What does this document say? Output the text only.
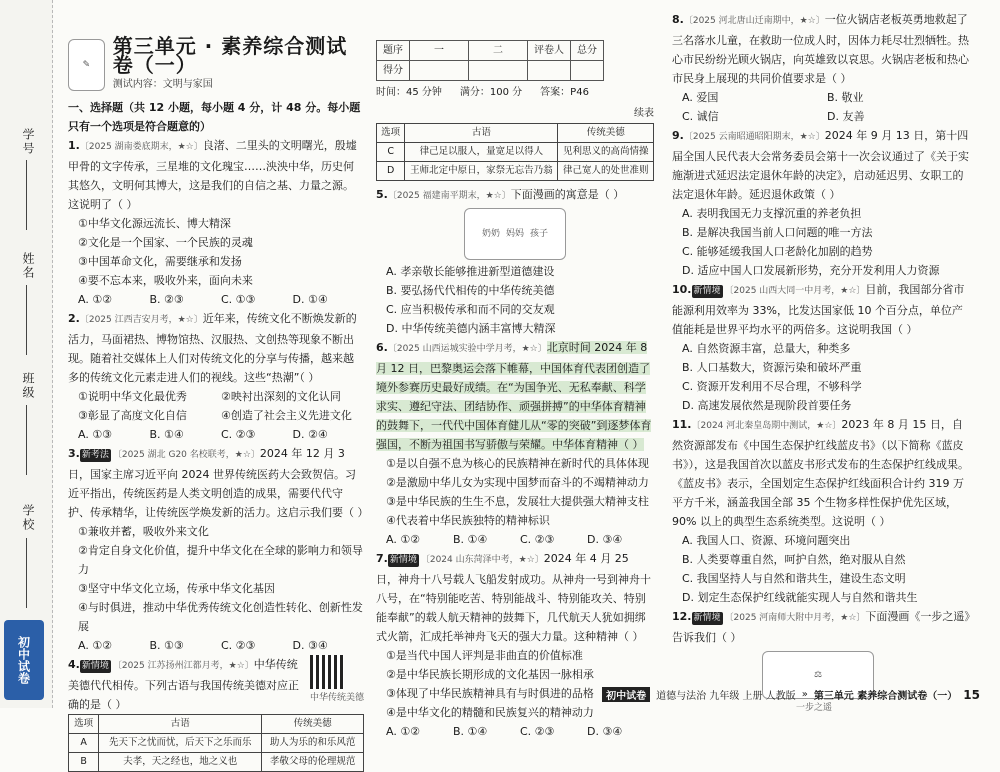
学号
姓名
班级
学校
初中试卷
✎
第三单元 · 素养综合测试卷（一）
测试内容：文明与家国
一、选择题（共 12 小题，每小题 4 分，计 48 分。每小题只有一个选项是符合题意的）
1.〔2025 湖南娄底期末，★☆〕良渚、二里头的文明曙光，殷墟甲骨的文字传承，三星堆的文化瑰宝……泱泱中华，历史何其悠久，文明何其博大，这是我们的自信之基、力量之源。这说明了（ ）
①中华文化源远流长、博大精深
②文化是一个国家、一个民族的灵魂
③中国革命文化，需要继承和发扬
④要不忘本来，吸收外来，面向未来
A. ①②	B. ②③	C. ①③	D. ①④
2.〔2025 江西吉安月考，★☆〕近年来，传统文化不断焕发新的活力，马面裙热、博物馆热、汉服热、文创热等现象不断出现。随着社交媒体上人们对传统文化的分享与传播，越来越多的传统文化元素走进人们的视线。这些“热潮”（ ）
①说明中华文化最优秀	②映衬出深刻的文化认同
③彰显了高度文化自信	④创造了社会主义先进文化
A. ①③	B. ①④	C. ②③	D. ②④
3. 新考法 〔2025 湖北 G20 名校联考，★☆〕2024 年 12 月 3 日，国家主席习近平向 2024 世界传统医药大会致贺信。习近平指出，传统医药是人类文明创造的成果，需要代代守护、传承精华，让传统医学焕发新的活力。这启示我们要（ ）
①兼收并蓄，吸收外来文化
②肯定自身文化价值，提升中华文化在全球的影响力和领导力
③坚守中华文化立场，传承中华文化基因
④与时俱进，推动中华优秀传统文化创造性转化、创新性发展
A. ①②	B. ①③	C. ②③	D. ③④
4. 新情境 〔2025 江苏扬州江都月考，★☆〕中华传统美德代代相传。下列古语与我国传统美德对应正确的是（ ）	中华传统美德
选项	古语	传统美德
A	先天下之忧而忧，后天下之乐而乐	助人为乐的和乐风范
B	夫孝，天之经也，地之义也	孝敬父母的伦理规范
题序	一	二	评卷人	总分
得分				
时间：45 分钟 满分：100 分 答案：P46
续表
选项	古语	传统美德
C	律己足以服人，量宽足以得人	见利思义的高尚情操
D	王师北定中原日，家祭无忘告乃翁	律己宽人的处世准则
5.〔2025 福建南平期末，★☆〕下面漫画的寓意是（ ）
奶奶 妈妈 孩子
A. 孝亲敬长能够推进新型道德建设
B. 要弘扬代代相传的中华传统美德
C. 应当积极传承和而不同的交友观
D. 中华传统美德内涵丰富博大精深
6.〔2025 山西运城实验中学月考，★☆〕北京时间 2024 年 8 月 12 日，巴黎奥运会落下帷幕，中国体育代表团创造了境外参赛历史最好成绩。在“为国争光、无私奉献、科学求实、遵纪守法、团结协作、顽强拼搏”的中华体育精神的鼓舞下，一代代中国体育健儿从“零的突破”到逐梦体育强国，不断为祖国书写骄傲与荣耀。中华体育精神（ ）
①是以自强不息为核心的民族精神在新时代的具体体现
②是激励中华儿女为实现中国梦而奋斗的不竭精神动力
③是中华民族的生生不息，发展壮大提供强大精神支柱
④代表着中华民族独特的精神标识
A. ①②	B. ①④	C. ②③	D. ③④
7. 新情境 〔2024 山东菏泽中考，★☆〕2024 年 4 月 25 日，神舟十八号载人飞船发射成功。从神舟一号到神舟十八号，在“特别能吃苦、特别能战斗、特别能攻关、特别能奉献”的载人航天精神的鼓舞下，几代航天人犹如拥绑式火箭，汇成托举神舟飞天的强大力量。这种精神（ ）
①是当代中国人评判是非曲直的价值标准
②是中华民族长期形成的文化基因一脉相承
③体现了中华民族精神具有与时俱进的品格
④是中华文化的精髓和民族复兴的精神动力
A. ①②	B. ①④	C. ②③	D. ③④
8.〔2025 河北唐山迁南期中，★☆〕一位火锅店老板英勇地救起了三名落水儿童，在救助一位成人时，因体力耗尽壮烈牺牲。热心市民纷纷光顾火锅店，向英雄致以哀思。火锅店老板和热心市民身上展现的共同价值要求是（ ）
A. 爱国	B. 敬业
C. 诚信	D. 友善
9.〔2025 云南昭通昭阳期末，★☆〕2024 年 9 月 13 日，第十四届全国人民代表大会常务委员会第十一次会议通过了《关于实施渐进式延迟法定退休年龄的决定》，启动延迟男、女职工的法定退休年龄。延迟退休政策（ ）
A. 表明我国无力支撑沉重的养老负担
B. 是解决我国当前人口问题的唯一方法
C. 能够延缓我国人口老龄化加剧的趋势
D. 适应中国人口发展新形势，充分开发利用人力资源
10. 新情境 〔2025 山西大同一中月考，★☆〕目前，我国部分省市能源利用效率为 33%，比发达国家低 10 个百分点，单位产值能耗是世界平均水平的两倍多。这说明我国（ ）
A. 自然资源丰富，总量大，种类多
B. 人口基数大，资源污染和破坏严重
C. 资源开发利用不尽合理，不够科学
D. 高速发展依然是现阶段首要任务
11.〔2024 河北秦皇岛期中测试，★☆〕2023 年 8 月 15 日，自然资源部发布《中国生态保护红线蓝皮书》（以下简称《蓝皮书》），这是我国首次以蓝皮书形式发布的生态保护红线成果。《蓝皮书》表示，全国划定生态保护红线面积合计约 319 万平方千米，涵盖我国全部 35 个生物多样性保护优先区域，90% 以上的典型生态系统类型。这说明（ ）
A. 我国人口、资源、环境问题突出
B. 人类要尊重自然，呵护自然，绝对服从自然
C. 我国坚持人与自然和谐共生，建设生态文明
D. 划定生态保护红线就能实现人与自然和谐共生
12. 新情境 〔2025 河南师大附中月考，★☆〕下面漫画《一步之遥》告诉我们（ ）
⚖
一步之遥
初中试卷	道德与法治 九年级 上册 人教版 » 第三单元 素养综合测试卷（一） 15
